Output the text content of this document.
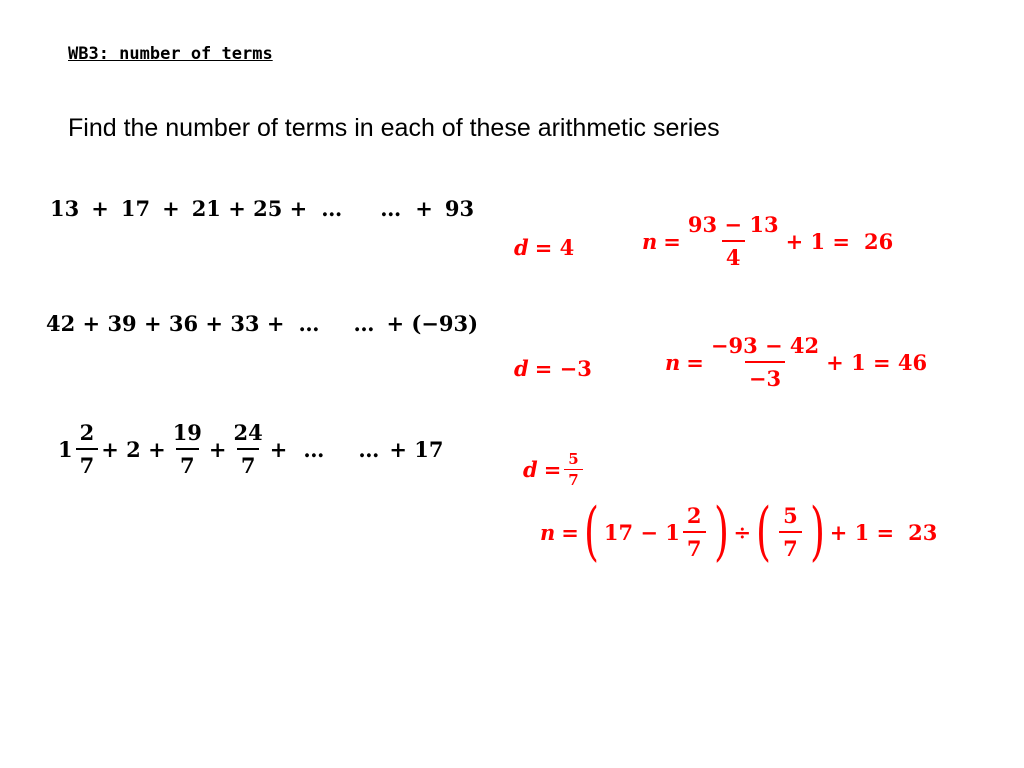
WB3: number of terms
Find the number of terms in each of these arithmetic series
13 + 17 + 21 + 25 + … … + 93
d = 4	$n = \frac{93 - 13}{4} + 1 = 26$
42 + 39 + 36 + 33 + … … + (−93)
d = −3	$n = \frac{-93 - 42}{-3} + 1 = 46$
$1 \frac{2}{7} + 2 + \frac{19}{7} + \frac{24}{7}$ + … … + 17
$d = \frac{5}{7}$
n = ( $17 - 1 \frac{2}{7}$ ) ÷ ( $\frac{5}{7}$ ) + 1 = 23
